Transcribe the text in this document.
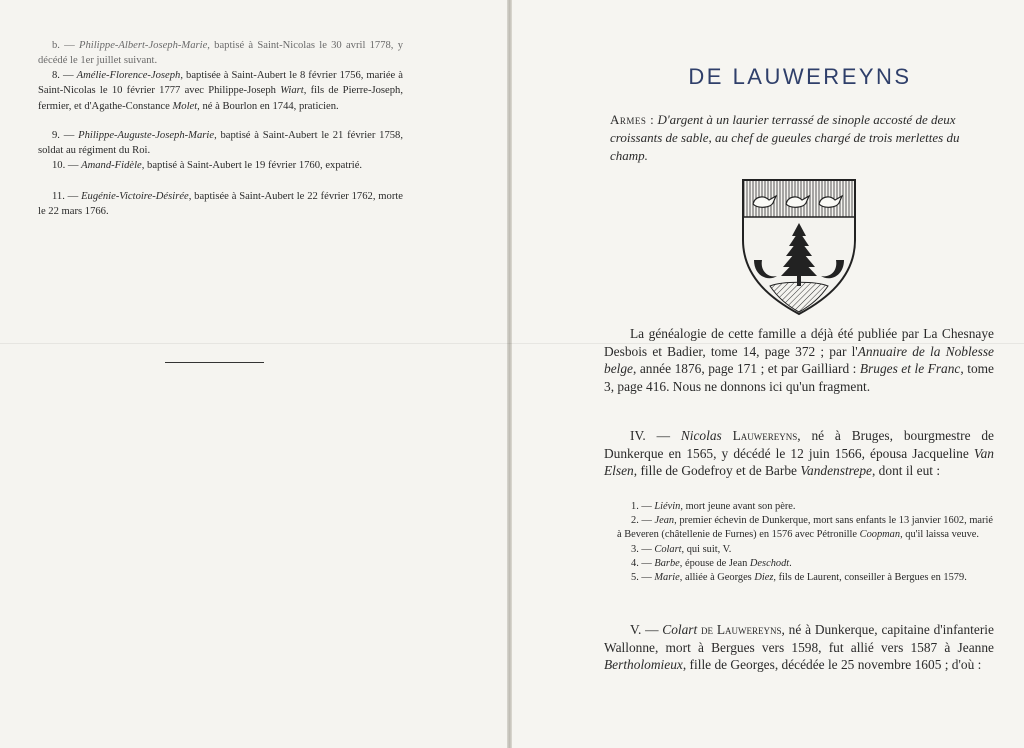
b. — Philippe-Albert-Joseph-Marie, baptisé à Saint-Nicolas le 30 avril 1778, y décédé le 1er juillet suivant.
8. — Amélie-Florence-Joseph, baptisée à Saint-Aubert le 8 février 1756, mariée à Saint-Nicolas le 10 février 1777 avec Philippe-Joseph Wiart, fils de Pierre-Joseph, fermier, et d'Agathe-Constance Molet, né à Bourlon en 1744, praticien.
9. — Philippe-Auguste-Joseph-Marie, baptisé à Saint-Aubert le 21 février 1758, soldat au régiment du Roi.
10. — Amand-Fidèle, baptisé à Saint-Aubert le 19 février 1760, expatrié.
11. — Eugénie-Victoire-Désirée, baptisée à Saint-Aubert le 22 février 1762, morte le 22 mars 1766.
DE LAUWEREYNS
Armes : D'argent à un laurier terrassé de sinople accosté de deux croissants de sable, au chef de gueules chargé de trois merlettes du champ.
La généalogie de cette famille a déjà été publiée par La Chesnaye Desbois et Badier, tome 14, page 372 ; par l'Annuaire de la Noblesse belge, année 1876, page 171 ; et par Gailliard : Bruges et le Franc, tome 3, page 416. Nous ne donnons ici qu'un fragment.
IV. — Nicolas Lauwereyns, né à Bruges, bourgmestre de Dunkerque en 1565, y décédé le 12 juin 1566, épousa Jacqueline Van Elsen, fille de Godefroy et de Barbe Vandenstrepe, dont il eut :
1. — Liévin, mort jeune avant son père.
2. — Jean, premier échevin de Dunkerque, mort sans enfants le 13 janvier 1602, marié à Beveren (châtellenie de Furnes) en 1576 avec Pétronille Coopman, qu'il laissa veuve.
3. — Colart, qui suit, V.
4. — Barbe, épouse de Jean Deschodt.
5. — Marie, alliée à Georges Diez, fils de Laurent, conseiller à Bergues en 1579.
V. — Colart de Lauwereyns, né à Dunkerque, capitaine d'infanterie Wallonne, mort à Bergues vers 1598, fut allié vers 1587 à Jeanne Bertholomieux, fille de Georges, décédée le 25 novembre 1605 ; d'où :
